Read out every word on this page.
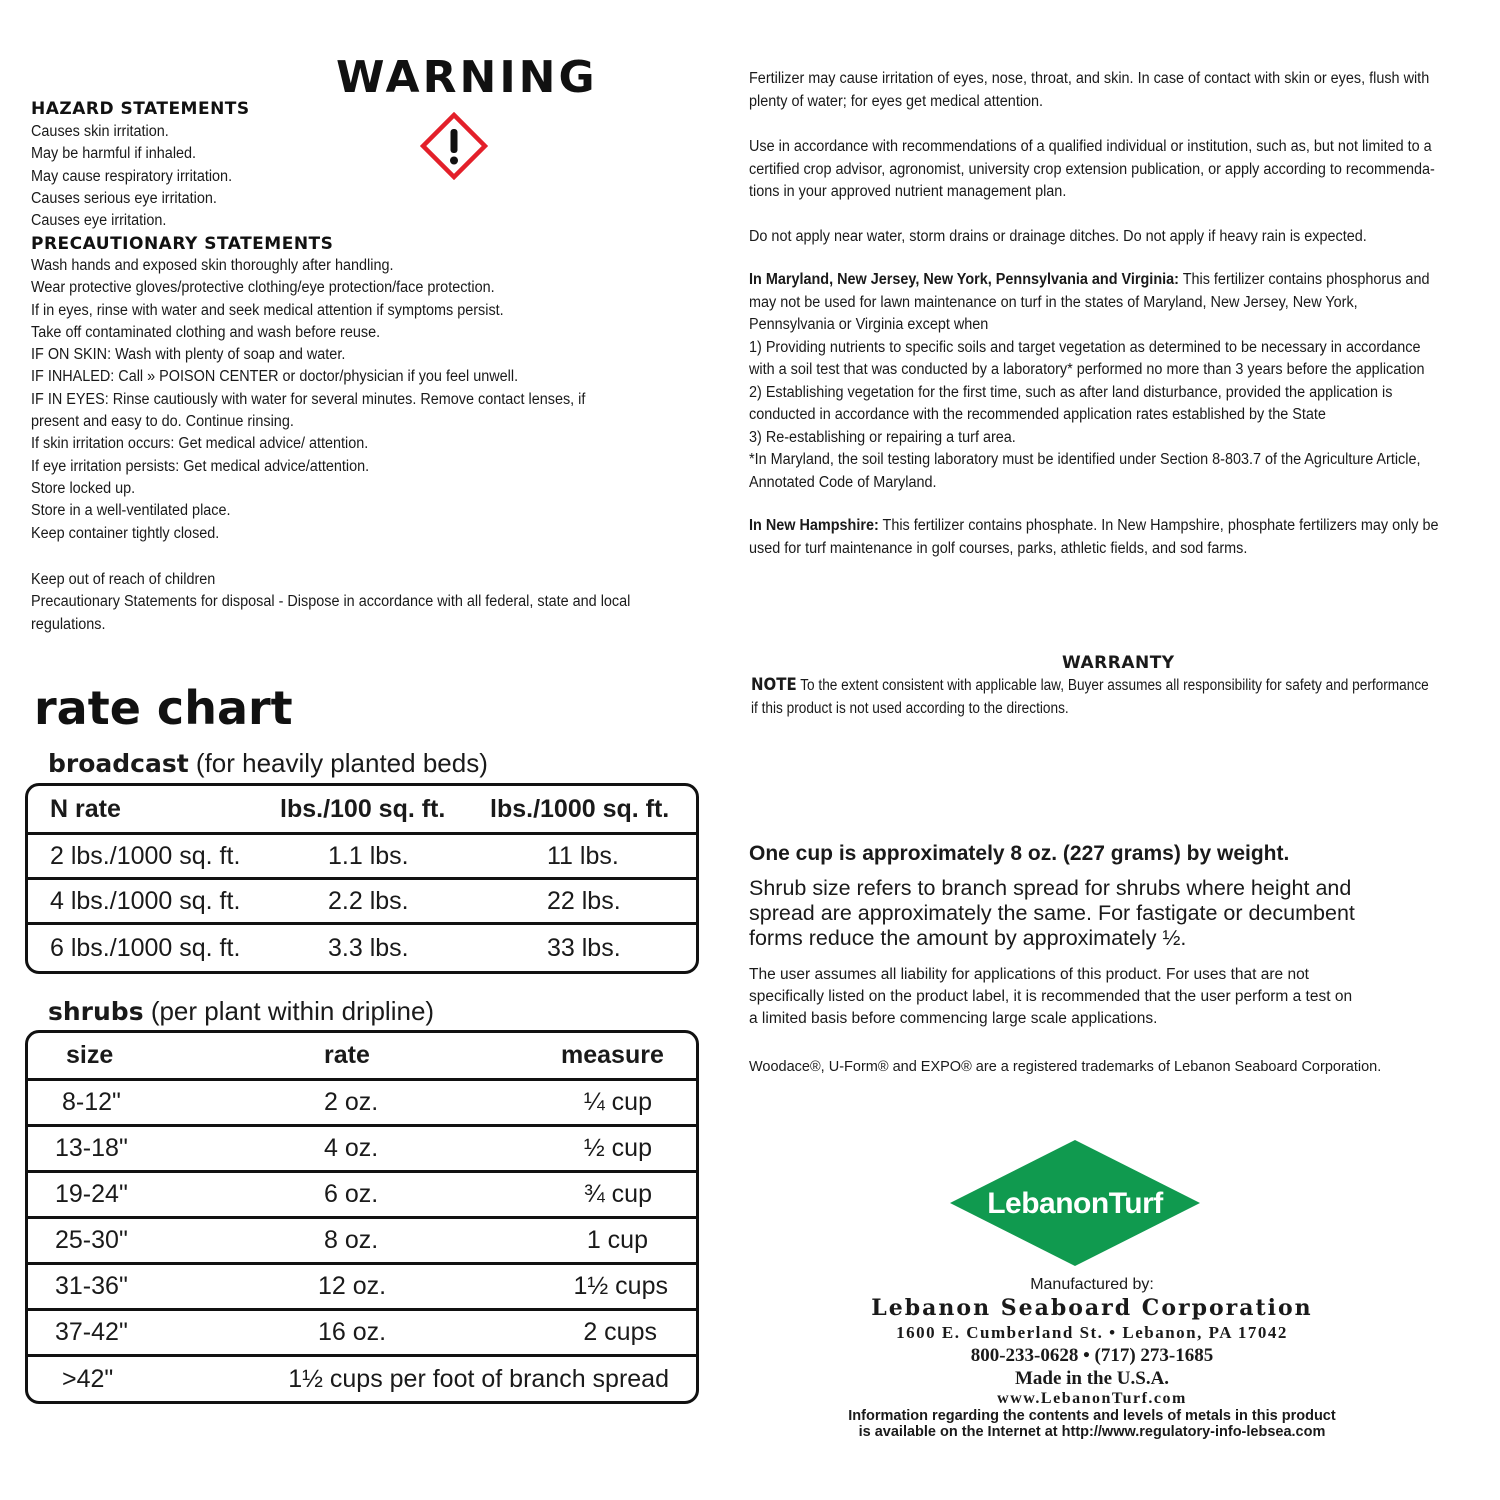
WARNING
HAZARD STATEMENTS
Causes skin irritation.
May be harmful if inhaled.
May cause respiratory irritation.
Causes serious eye irritation.
Causes eye irritation.
PRECAUTIONARY STATEMENTS
Wash hands and exposed skin thoroughly after handling.
Wear protective gloves/protective clothing/eye protection/face protection.
If in eyes, rinse with water and seek medical attention if symptoms persist.
Take off contaminated clothing and wash before reuse.
IF ON SKIN: Wash with plenty of soap and water.
IF INHALED: Call » POISON CENTER or doctor/physician if you feel unwell.
IF IN EYES: Rinse cautiously with water for several minutes. Remove contact lenses, if
present and easy to do. Continue rinsing.
If skin irritation occurs: Get medical advice/ attention.
If eye irritation persists: Get medical advice/attention.
Store locked up.
Store in a well-ventilated place.
Keep container tightly closed.
Keep out of reach of children
Precautionary Statements for disposal - Dispose in accordance with all federal, state and local
regulations.
rate chart
broadcast (for heavily planted beds)
N rate	lbs./100 sq. ft. lbs./1000 sq. ft.
2 lbs./1000 sq. ft.	1.1 lbs.	11 lbs.
4 lbs./1000 sq. ft.	2.2 lbs.	22 lbs.
6 lbs./1000 sq. ft.	3.3 lbs.	33 lbs.
shrubs (per plant within dripline)
size	rate	measure
8-12"	2 oz.	¼ cup
13-18"	4 oz.	½ cup
19-24"	6 oz.	¾ cup
25-30"	8 oz.	1 cup
31-36"	12 oz.	1½ cups
37-42"	16 oz.	2 cups
>42"	1½ cups per foot of branch spread
Fertilizer may cause irritation of eyes, nose, throat, and skin. In case of contact with skin or eyes, flush with
plenty of water; for eyes get medical attention.
Use in accordance with recommendations of a qualified individual or institution, such as, but not limited to a
certified crop advisor, agronomist, university crop extension publication, or apply according to recommenda-
tions in your approved nutrient management plan.
Do not apply near water, storm drains or drainage ditches. Do not apply if heavy rain is expected.
In Maryland, New Jersey, New York, Pennsylvania and Virginia: This fertilizer contains phosphorus and
may not be used for lawn maintenance on turf in the states of Maryland, New Jersey, New York,
Pennsylvania or Virginia except when
1) Providing nutrients to specific soils and target vegetation as determined to be necessary in accordance
with a soil test that was conducted by a laboratory* performed no more than 3 years before the application
2) Establishing vegetation for the first time, such as after land disturbance, provided the application is
conducted in accordance with the recommended application rates established by the State
3) Re-establishing or repairing a turf area.
*In Maryland, the soil testing laboratory must be identified under Section 8-803.7 of the Agriculture Article,
Annotated Code of Maryland.
In New Hampshire: This fertilizer contains phosphate. In New Hampshire, phosphate fertilizers may only be
used for turf maintenance in golf courses, parks, athletic fields, and sod farms.
WARRANTY
NOTE To the extent consistent with applicable law, Buyer assumes all responsibility for safety and performance
if this product is not used according to the directions.
One cup is approximately 8 oz. (227 grams) by weight.
Shrub size refers to branch spread for shrubs where height and
spread are approximately the same. For fastigate or decumbent
forms reduce the amount by approximately ½.
The user assumes all liability for applications of this product. For uses that are not
specifically listed on the product label, it is recommended that the user perform a test on
a limited basis before commencing large scale applications.
Woodace®, U-Form® and EXPO® are a registered trademarks of Lebanon Seaboard Corporation.
LebanonTurf
Manufactured by:
Lebanon Seaboard Corporation
1600 E. Cumberland St. • Lebanon, PA 17042
800-233-0628 • (717) 273-1685
Made in the U.S.A.
www.LebanonTurf.com
Information regarding the contents and levels of metals in this product
is available on the Internet at http://www.regulatory-info-lebsea.com
